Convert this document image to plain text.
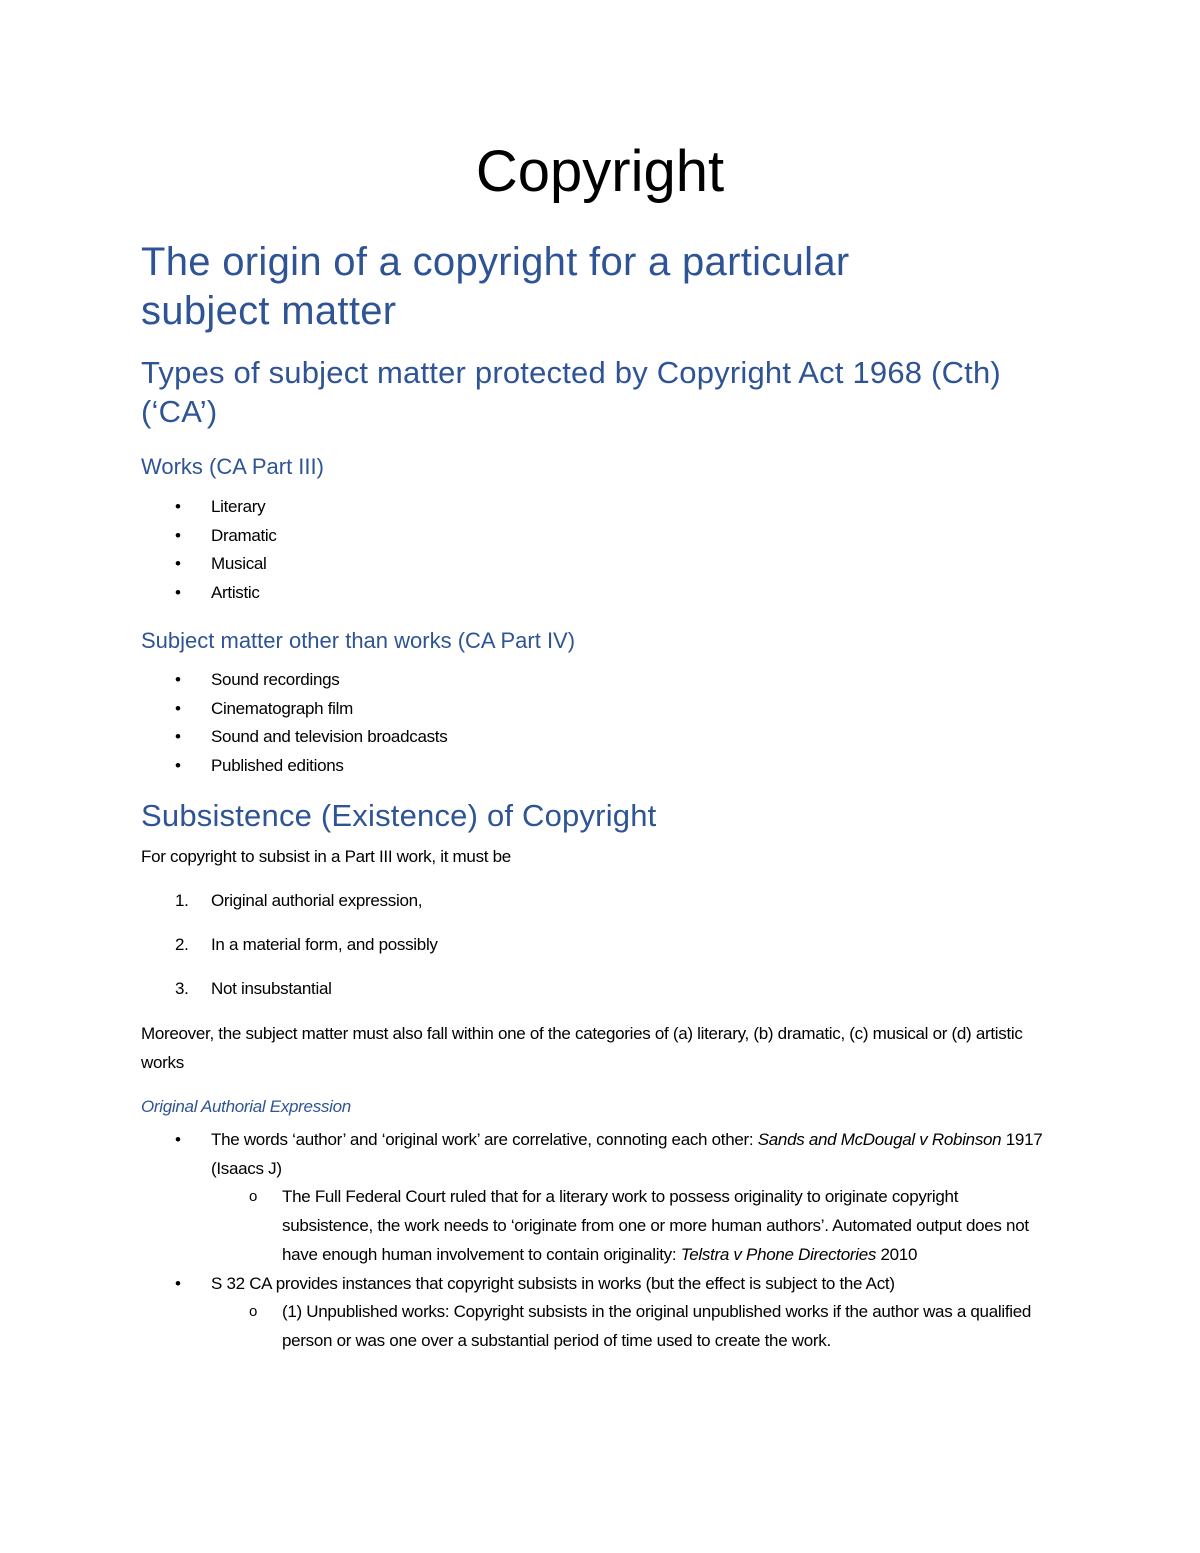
Copyright
The origin of a copyright for a particular subject matter
Types of subject matter protected by Copyright Act 1968 (Cth) (‘CA’)
Works (CA Part III)
• Literary
• Dramatic
• Musical
• Artistic
Subject matter other than works (CA Part IV)
• Sound recordings
• Cinematograph film
• Sound and television broadcasts
• Published editions
Subsistence (Existence) of Copyright
For copyright to subsist in a Part III work, it must be
1. Original authorial expression,
2. In a material form, and possibly
3. Not insubstantial
Moreover, the subject matter must also fall within one of the categories of (a) literary, (b) dramatic, (c) musical or (d) artistic works
Original Authorial Expression
• The words ‘author’ and ‘original work’ are correlative, connoting each other: Sands and McDougal v Robinson 1917 (Isaacs J)
o The Full Federal Court ruled that for a literary work to possess originality to originate copyright subsistence, the work needs to ‘originate from one or more human authors’. Automated output does not have enough human involvement to contain originality: Telstra v Phone Directories 2010
• S 32 CA provides instances that copyright subsists in works (but the effect is subject to the Act)
o (1) Unpublished works: Copyright subsists in the original unpublished works if the author was a qualified person or was one over a substantial period of time used to create the work.
